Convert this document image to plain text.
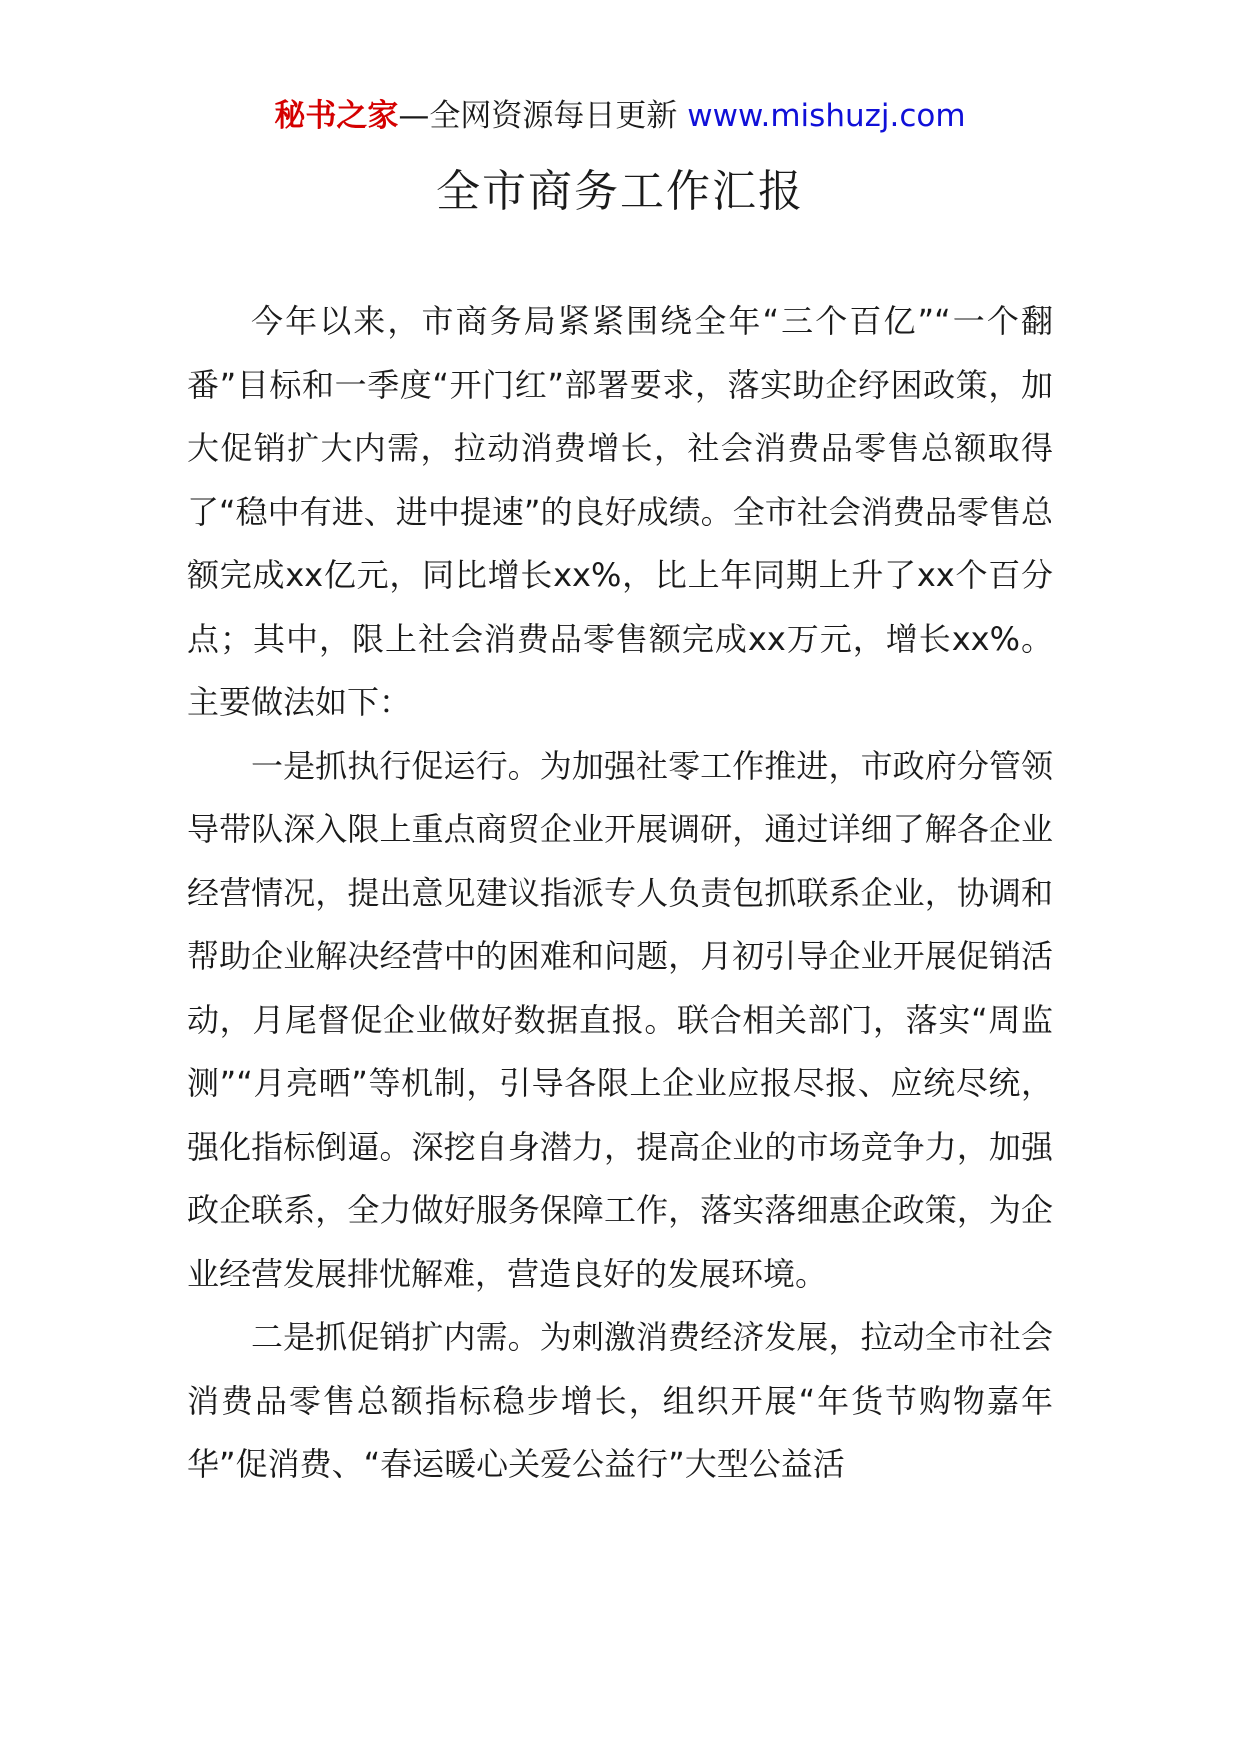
秘书之家—全网资源每日更新 www.mishuzj.com
全市商务工作汇报

今年以来，市商务局紧紧围绕全年“三个百亿”“一个翻番”目标和一季度“开门红”部署要求，落实助企纾困政策，加大促销扩大内需，拉动消费增长，社会消费品零售总额取得了“稳中有进、进中提速”的良好成绩。全市社会消费品零售总额完成xx亿元，同比增长xx%，比上年同期上升了xx个百分点；其中，限上社会消费品零售额完成xx万元，增长xx%。主要做法如下：

一是抓执行促运行。为加强社零工作推进，市政府分管领导带队深入限上重点商贸企业开展调研，通过详细了解各企业经营情况，提出意见建议指派专人负责包抓联系企业，协调和帮助企业解决经营中的困难和问题，月初引导企业开展促销活动，月尾督促企业做好数据直报。联合相关部门，落实“周监测”“月亮晒”等机制，引导各限上企业应报尽报、应统尽统，强化指标倒逼。深挖自身潜力，提高企业的市场竞争力，加强政企联系，全力做好服务保障工作，落实落细惠企政策，为企业经营发展排忧解难，营造良好的发展环境。

二是抓促销扩内需。为刺激消费经济发展，拉动全市社会消费品零售总额指标稳步增长，组织开展“年货节购物嘉年华”促消费、“春运暖心关爱公益行”大型公益活
